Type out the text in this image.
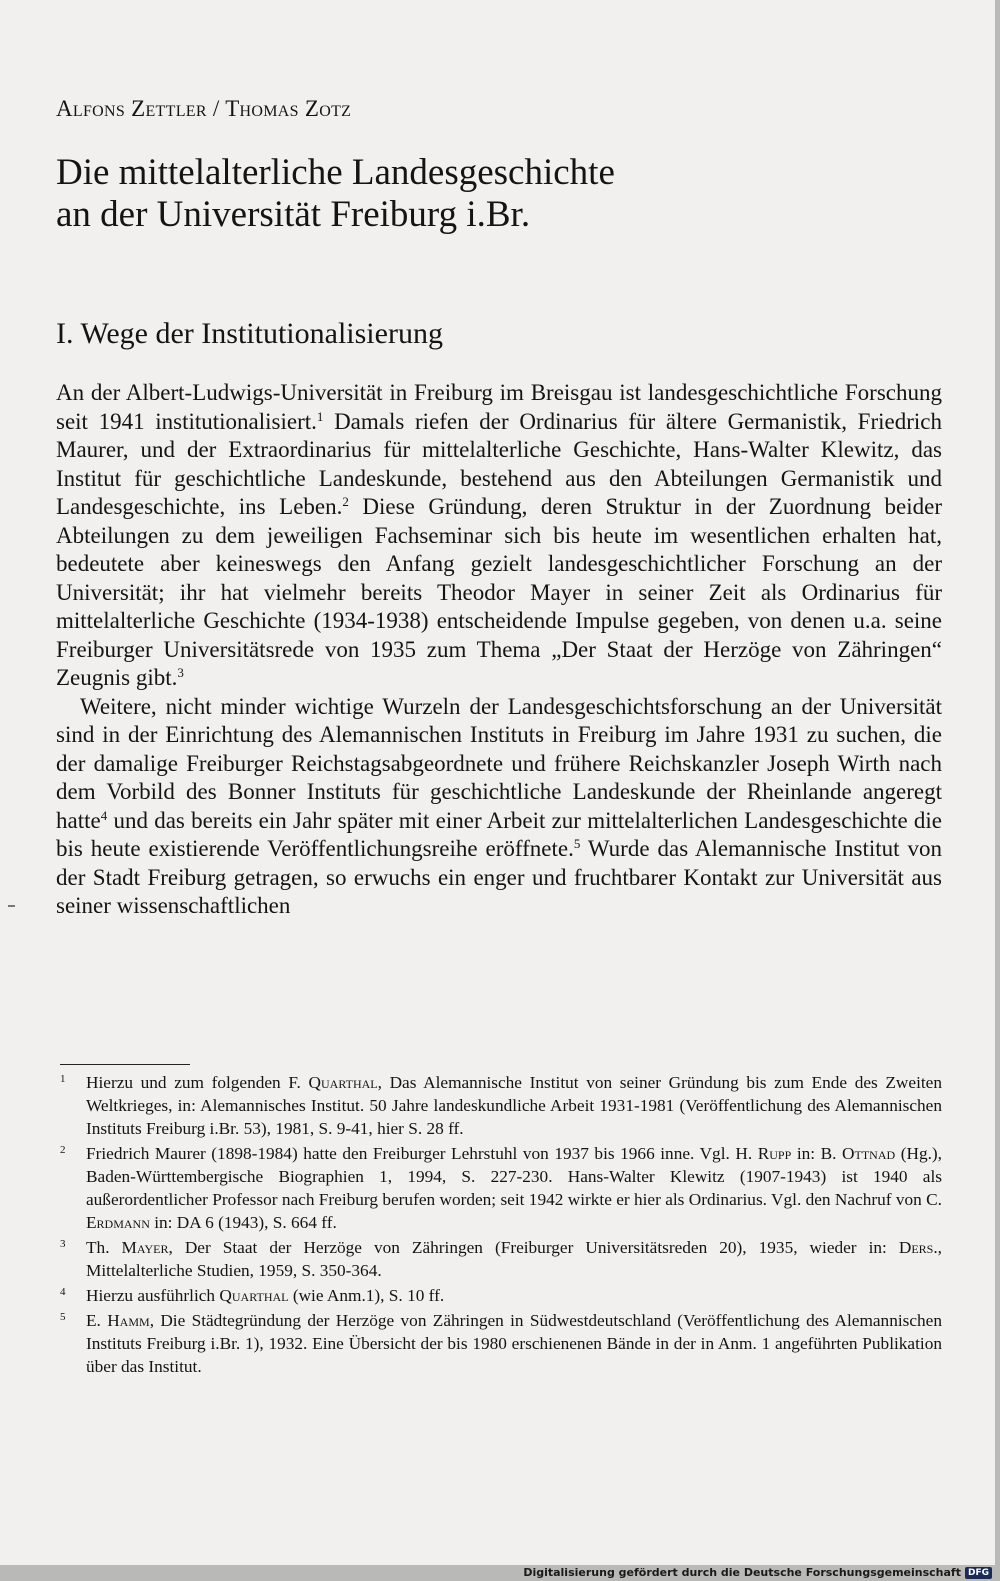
Alfons Zettler / Thomas Zotz

Die mittelalterliche Landesgeschichte
an der Universität Freiburg i.Br.
I. Wege der Institutionalisierung

An der Albert-Ludwigs-Universität in Freiburg im Breisgau ist landesgeschichtliche Forschung seit 1941 institutionalisiert.$^1$ Damals riefen der Ordinarius für ältere Germanistik, Friedrich Maurer, und der Extraordinarius für mittelalterliche Geschichte, Hans-Walter Klewitz, das Institut für geschichtliche Landeskunde, bestehend aus den Abteilungen Germanistik und Landesgeschichte, ins Leben.$^2$ Diese Gründung, deren Struktur in der Zuordnung beider Abteilungen zu dem jeweiligen Fachseminar sich bis heute im wesentlichen erhalten hat, bedeutete aber keineswegs den Anfang gezielt landesgeschichtlicher Forschung an der Universität; ihr hat vielmehr bereits Theodor Mayer in seiner Zeit als Ordinarius für mittelalterliche Geschichte (1934-1938) entscheidende Impulse gegeben, von denen u.a. seine Freiburger Universitätsrede von 1935 zum Thema „Der Staat der Herzöge von Zähringen“ Zeugnis gibt.$^3$

Weitere, nicht minder wichtige Wurzeln der Landesgeschichtsforschung an der Universität sind in der Einrichtung des Alemannischen Instituts in Freiburg im Jahre 1931 zu suchen, die der damalige Freiburger Reichstagsabgeordnete und frühere Reichskanzler Joseph Wirth nach dem Vorbild des Bonner Instituts für geschichtliche Landeskunde der Rheinlande angeregt hatte$^4$ und das bereits ein Jahr später mit einer Arbeit zur mittelalterlichen Landesgeschichte die bis heute existierende Veröffentlichungsreihe eröffnete.$^5$ Wurde das Alemannische Institut von der Stadt Freiburg getragen, so erwuchs ein enger und fruchtbarer Kontakt zur Universität aus seiner wissenschaftlichen

1 Hierzu und zum folgenden F. Quarthal, Das Alemannische Institut von seiner Gründung bis zum Ende des Zweiten Weltkrieges, in: Alemannisches Institut. 50 Jahre landeskundliche Arbeit 1931-1981 (Veröffentlichung des Alemannischen Instituts Freiburg i.Br. 53), 1981, S. 9-41, hier S. 28 ff.

2 Friedrich Maurer (1898-1984) hatte den Freiburger Lehrstuhl von 1937 bis 1966 inne. Vgl. H. Rupp in: B. Ottnad (Hg.), Baden-Württembergische Biographien 1, 1994, S. 227-230. Hans-Walter Klewitz (1907-1943) ist 1940 als außerordentlicher Professor nach Freiburg berufen worden; seit 1942 wirkte er hier als Ordinarius. Vgl. den Nachruf von C. Erdmann in: DA 6 (1943), S. 664 ff.

3 Th. Mayer, Der Staat der Herzöge von Zähringen (Freiburger Universitätsreden 20), 1935, wieder in: Ders., Mittelalterliche Studien, 1959, S. 350-364.

4 Hierzu ausführlich Quarthal (wie Anm.1), S. 10 ff.

5 E. Hamm, Die Städtegründung der Herzöge von Zähringen in Südwestdeutschland (Veröffentlichung des Alemannischen Instituts Freiburg i.Br. 1), 1932. Eine Übersicht der bis 1980 erschienenen Bände in der in Anm. 1 angeführten Publikation über das Institut.

Digitalisierung gefördert durch die Deutsche Forschungsgemeinschaft DFG
